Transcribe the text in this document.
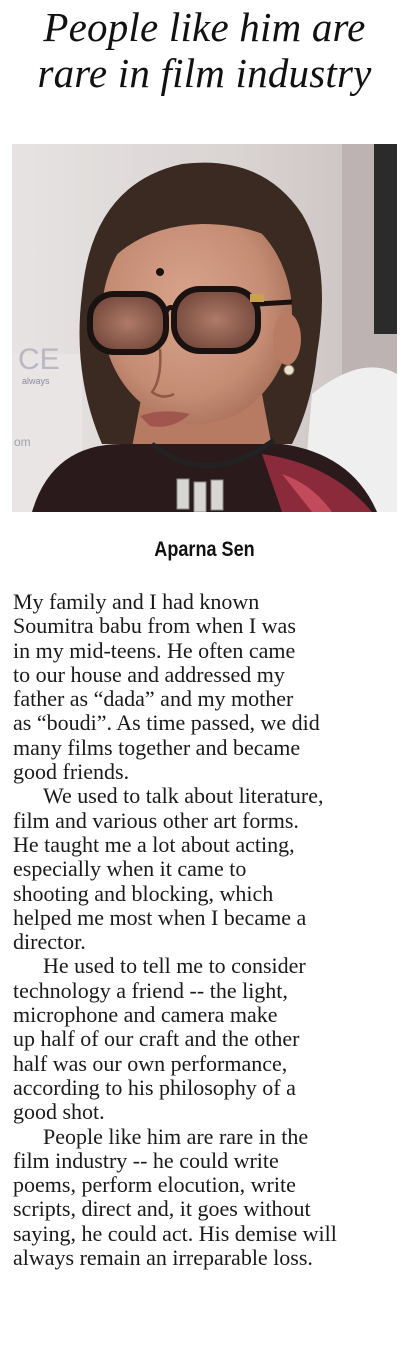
People like him are
rare in film industry
CE
always
om
Aparna Sen

My family and I had known
Soumitra babu from when I was
in my mid-teens. He often came
to our house and addressed my
father as “dada” and my mother
as “boudi”. As time passed, we did
many films together and became
good friends.

We used to talk about literature,
film and various other art forms.
He taught me a lot about acting,
especially when it came to
shooting and blocking, which
helped me most when I became a
director.

He used to tell me to consider
technology a friend -- the light,
microphone and camera make
up half of our craft and the other
half was our own performance,
according to his philosophy of a
good shot.

People like him are rare in the
film industry -- he could write
poems, perform elocution, write
scripts, direct and, it goes without
saying, he could act. His demise will
always remain an irreparable loss.
